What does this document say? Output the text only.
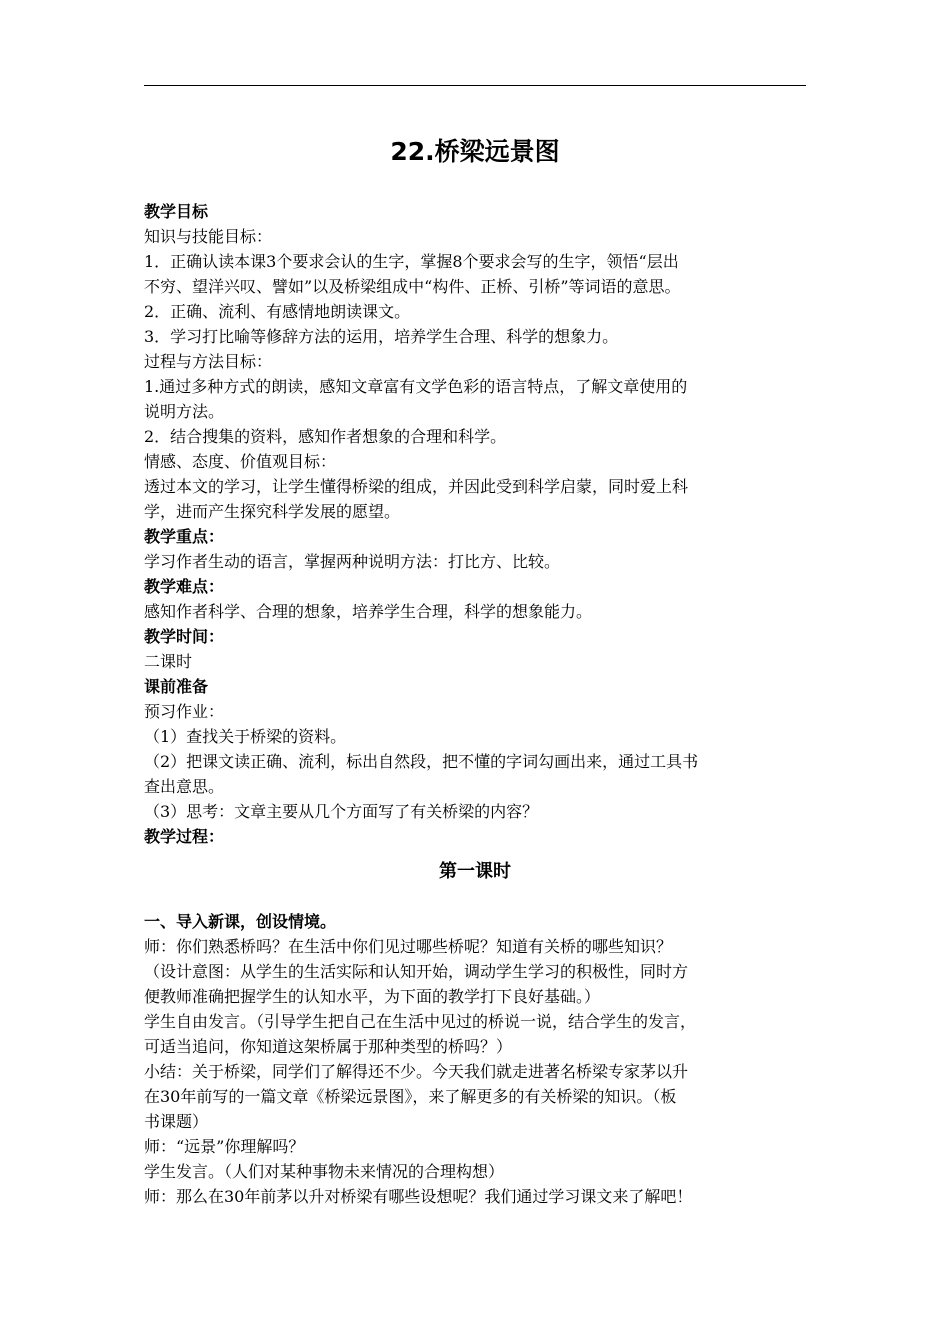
22.桥梁远景图

教学目标

知识与技能目标：

1．正确认读本课3个要求会认的生字，掌握8个要求会写的生字，领悟“层出

不穷、望洋兴叹、譬如”以及桥梁组成中“构件、正桥、引桥”等词语的意思。

2．正确、流利、有感情地朗读课文。

3．学习打比喻等修辞方法的运用，培养学生合理、科学的想象力。

过程与方法目标：

1.通过多种方式的朗读，感知文章富有文学色彩的语言特点，了解文章使用的

说明方法。

2．结合搜集的资料，感知作者想象的合理和科学。

情感、态度、价值观目标：

透过本文的学习，让学生懂得桥梁的组成，并因此受到科学启蒙，同时爱上科

学，进而产生探究科学发展的愿望。

教学重点：

学习作者生动的语言，掌握两种说明方法：打比方、比较。

教学难点：

感知作者科学、合理的想象，培养学生合理，科学的想象能力。

教学时间：

二课时

课前准备

预习作业：

（1）查找关于桥梁的资料。

（2）把课文读正确、流利，标出自然段，把不懂的字词勾画出来，通过工具书

查出意思。

（3）思考：文章主要从几个方面写了有关桥梁的内容？

教学过程：

第一课时

一、导入新课，创设情境。

师：你们熟悉桥吗？在生活中你们见过哪些桥呢？知道有关桥的哪些知识？

（设计意图：从学生的生活实际和认知开始，调动学生学习的积极性，同时方

便教师准确把握学生的认知水平，为下面的教学打下良好基础。）

学生自由发言。（引导学生把自己在生活中见过的桥说一说，结合学生的发言，

可适当追问，你知道这架桥属于那种类型的桥吗？）

小结：关于桥梁，同学们了解得还不少。今天我们就走进著名桥梁专家茅以升

在30年前写的一篇文章《桥梁远景图》，来了解更多的有关桥梁的知识。（板

书课题）

师：“远景”你理解吗？

学生发言。（人们对某种事物未来情况的合理构想）

师：那么在30年前茅以升对桥梁有哪些设想呢？我们通过学习课文来了解吧！
